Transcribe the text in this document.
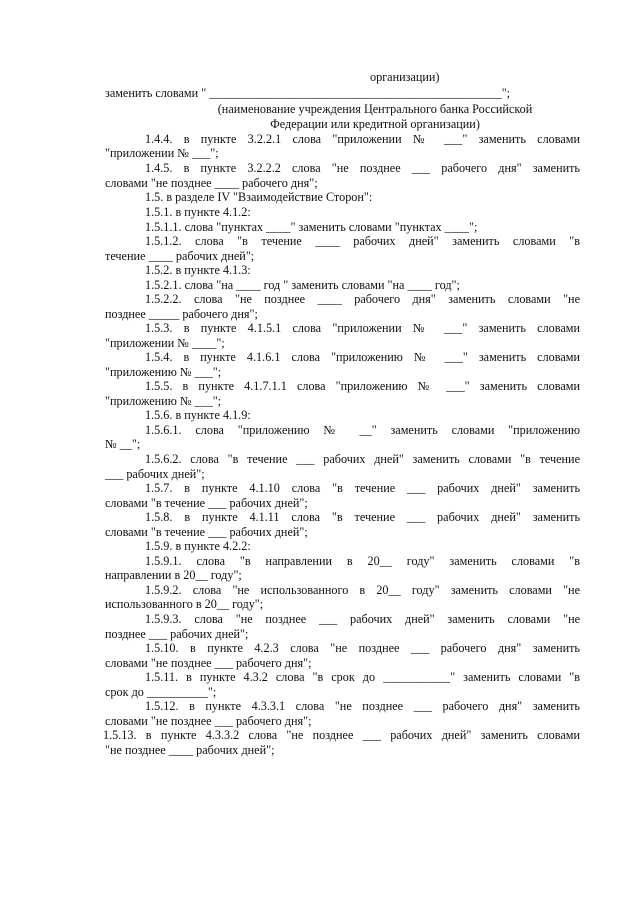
организации)
заменить словами " ________________________________________________";
(наименование учреждения Центрального банка Российской
Федерации или кредитной организации)
1.4.4. в пункте 3.2.2.1 слова "приложении № ___" заменить словами
"приложении № ___";
1.4.5. в пункте 3.2.2.2 слова "не позднее ___ рабочего дня" заменить
словами "не позднее ____ рабочего дня";
1.5. в разделе IV "Взаимодействие Сторон":
1.5.1. в пункте 4.1.2:
1.5.1.1. слова "пунктах ____" заменить словами "пунктах ____";
1.5.1.2. слова "в течение ____ рабочих дней" заменить словами "в
течение ____ рабочих дней";
1.5.2. в пункте 4.1.3:
1.5.2.1. слова "на ____ год " заменить словами "на ____ год";
1.5.2.2. слова "не позднее ____ рабочего дня" заменить словами "не
позднее _____ рабочего дня";
1.5.3. в пункте 4.1.5.1 слова "приложении № ___" заменить словами
"приложении № ____";
1.5.4. в пункте 4.1.6.1 слова "приложению № ___" заменить словами
"приложению № ___";
1.5.5. в пункте 4.1.7.1.1 слова "приложению № ___" заменить словами
"приложению № ___";
1.5.6. в пункте 4.1.9:
1.5.6.1. слова "приложению № __" заменить словами "приложению
№ __";
1.5.6.2. слова "в течение ___ рабочих дней" заменить словами "в течение
___ рабочих дней";
1.5.7. в пункте 4.1.10 слова "в течение ___ рабочих дней" заменить
словами "в течение ___ рабочих дней";
1.5.8. в пункте 4.1.11 слова "в течение ___ рабочих дней" заменить
словами "в течение ___ рабочих дней";
1.5.9. в пункте 4.2.2:
1.5.9.1. слова "в направлении в 20__ году" заменить словами "в
направлении в 20__ году";
1.5.9.2. слова "не использованного в 20__ году" заменить словами "не
использованного в 20__ году";
1.5.9.3. слова "не позднее ___ рабочих дней" заменить словами "не
позднее ___ рабочих дней";
1.5.10. в пункте 4.2.3 слова "не позднее ___ рабочего дня" заменить
словами "не позднее ___ рабочего дня";
1.5.11. в пункте 4.3.2 слова "в срок до ___________" заменить словами "в
срок до __________";
1.5.12. в пункте 4.3.3.1 слова "не позднее ___ рабочего дня" заменить
словами "не позднее ___ рабочего дня";
1.5.13. в пункте 4.3.3.2 слова "не позднее ___ рабочих дней" заменить словами
"не позднее ____ рабочих дней";
